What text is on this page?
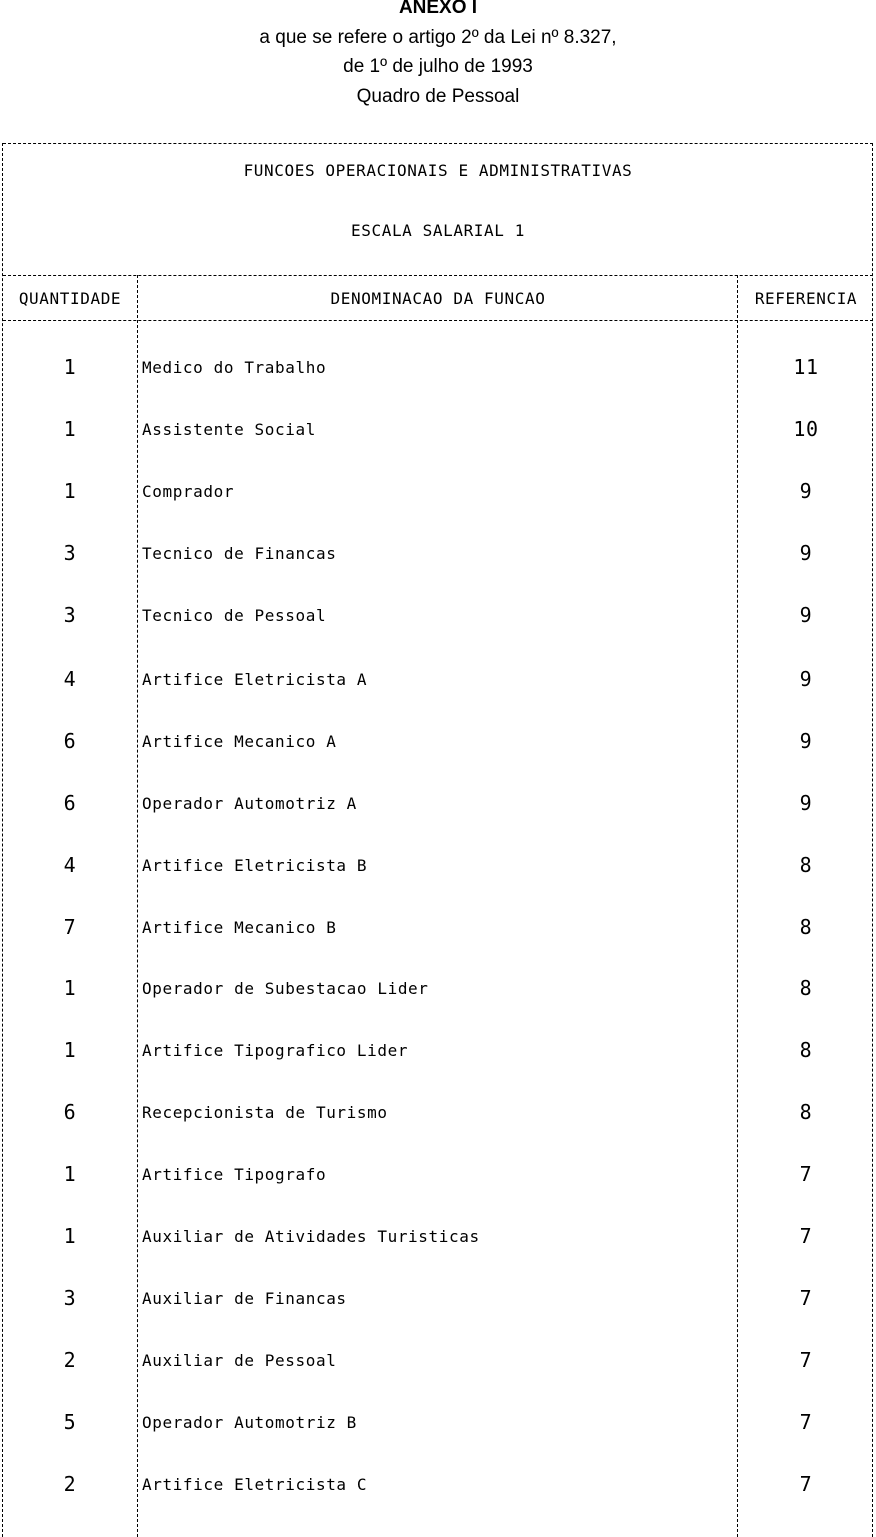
ANEXO I
a que se refere o artigo 2º da Lei nº 8.327,
de 1º de julho de 1993
Quadro de Pessoal
FUNCOES OPERACIONAIS E ADMINISTRATIVAS
ESCALA SALARIAL 1
QUANTIDADE	DENOMINACAO DA FUNCAO	REFERENCIA
1	Medico do Trabalho	11
1	Assistente Social	10
1	Comprador	9
3	Tecnico de Financas	9
3	Tecnico de Pessoal	9
4	Artifice Eletricista A	9
6	Artifice Mecanico A	9
6	Operador Automotriz A	9
4	Artifice Eletricista B	8
7	Artifice Mecanico B	8
1	Operador de Subestacao Lider	8
1	Artifice Tipografico Lider	8
6	Recepcionista de Turismo	8
1	Artifice Tipografo	7
1	Auxiliar de Atividades Turisticas	7
3	Auxiliar de Financas	7
2	Auxiliar de Pessoal	7
5	Operador Automotriz B	7
2	Artifice Eletricista C	7
